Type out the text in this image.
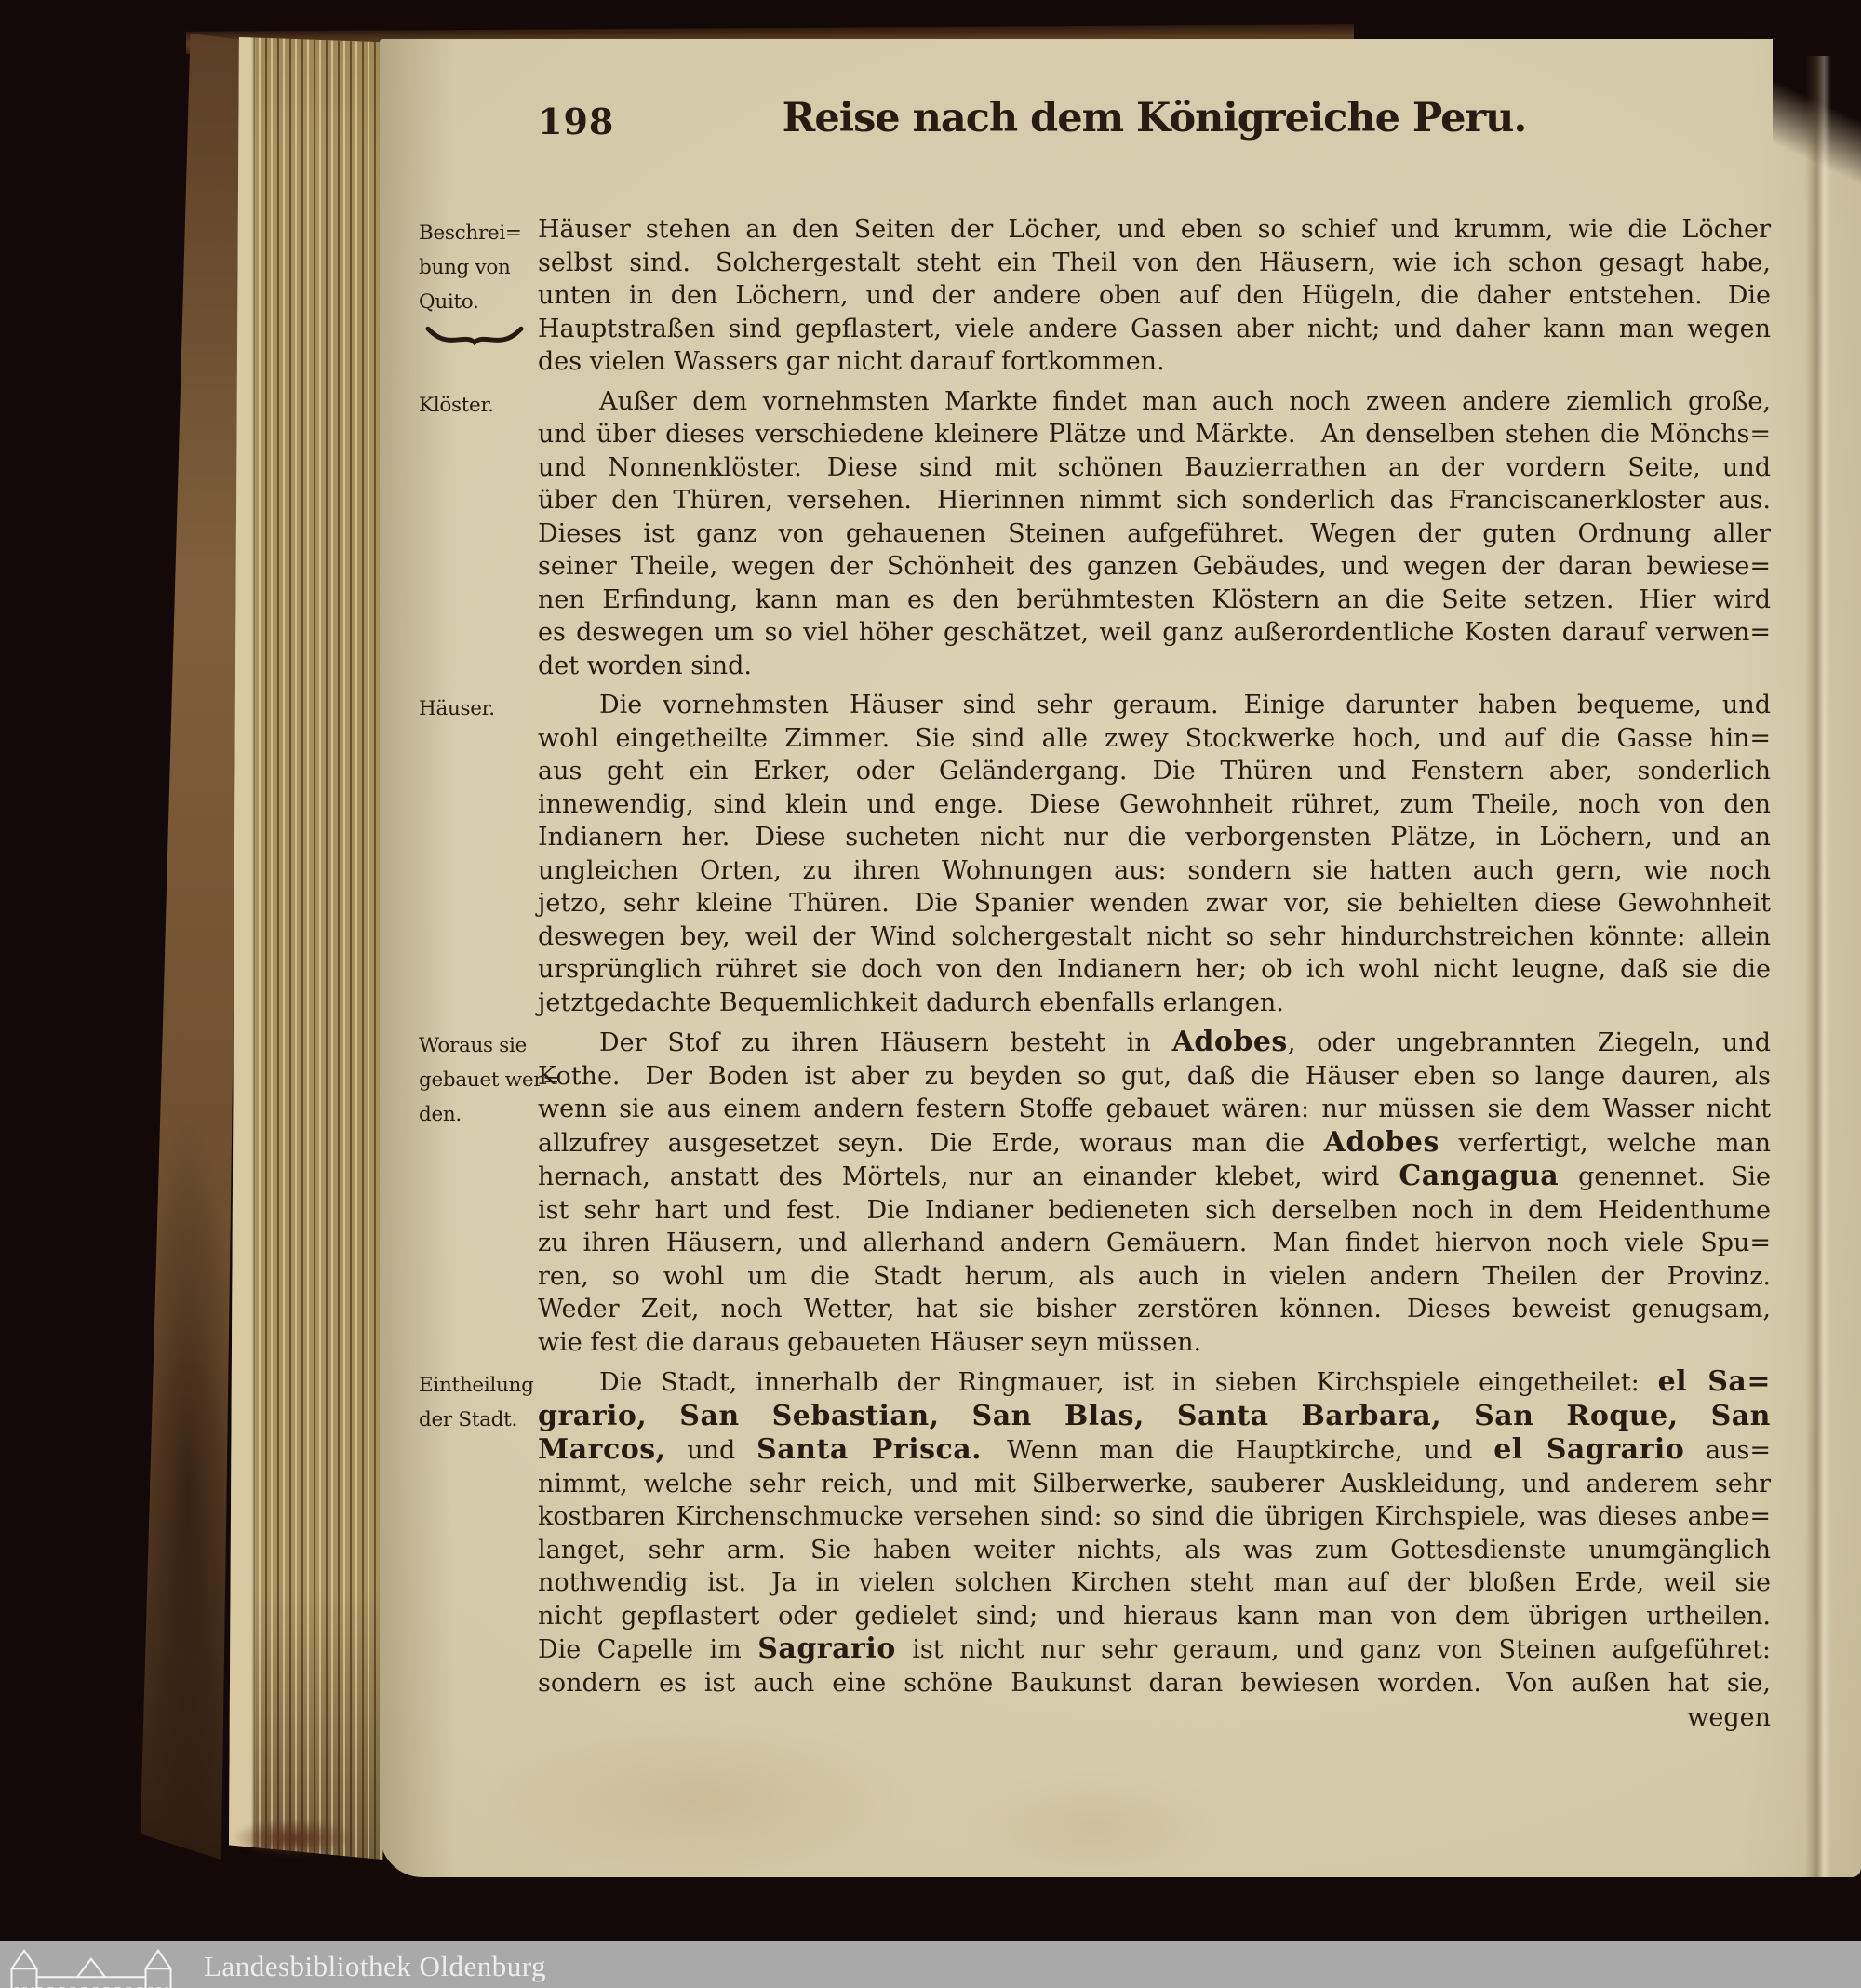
198	Reise nach dem Königreiche Peru.
Beschrei=
bung von
Quito.
Häuser stehen an den Seiten der Löcher, und eben so schief und krumm, wie die Löcher
selbst sind. Solchergestalt steht ein Theil von den Häusern, wie ich schon gesagt habe,
unten in den Löchern, und der andere oben auf den Hügeln, die daher entstehen. Die
Hauptstraßen sind gepflastert, viele andere Gassen aber nicht; und daher kann man wegen
des vielen Wassers gar nicht darauf fortkommen.
Klöster.	Außer dem vornehmsten Markte findet man auch noch zween andere ziemlich große,
und über dieses verschiedene kleinere Plätze und Märkte. An denselben stehen die Mönchs=
und Nonnenklöster. Diese sind mit schönen Bauzierrathen an der vordern Seite, und
über den Thüren, versehen. Hierinnen nimmt sich sonderlich das Franciscanerkloster aus.
Dieses ist ganz von gehauenen Steinen aufgeführet. Wegen der guten Ordnung aller
seiner Theile, wegen der Schönheit des ganzen Gebäudes, und wegen der daran bewiese=
nen Erfindung, kann man es den berühmtesten Klöstern an die Seite setzen. Hier wird
es deswegen um so viel höher geschätzet, weil ganz außerordentliche Kosten darauf verwen=
det worden sind.
Häuser.	Die vornehmsten Häuser sind sehr geraum. Einige darunter haben bequeme, und
wohl eingetheilte Zimmer. Sie sind alle zwey Stockwerke hoch, und auf die Gasse hin=
aus geht ein Erker, oder Geländergang. Die Thüren und Fenstern aber, sonderlich
innewendig, sind klein und enge. Diese Gewohnheit rühret, zum Theile, noch von den
Indianern her. Diese sucheten nicht nur die verborgensten Plätze, in Löchern, und an
ungleichen Orten, zu ihren Wohnungen aus: sondern sie hatten auch gern, wie noch
jetzo, sehr kleine Thüren. Die Spanier wenden zwar vor, sie behielten diese Gewohnheit
deswegen bey, weil der Wind solchergestalt nicht so sehr hindurchstreichen könnte: allein
ursprünglich rühret sie doch von den Indianern her; ob ich wohl nicht leugne, daß sie die
jetztgedachte Bequemlichkeit dadurch ebenfalls erlangen.
Woraus sie
gebauet wer=
den.
Der Stof zu ihren Häusern besteht in Adobes, oder ungebrannten Ziegeln, und
Kothe. Der Boden ist aber zu beyden so gut, daß die Häuser eben so lange dauren, als
wenn sie aus einem andern festern Stoffe gebauet wären: nur müssen sie dem Wasser nicht
allzufrey ausgesetzet seyn. Die Erde, woraus man die Adobes verfertigt, welche man
hernach, anstatt des Mörtels, nur an einander klebet, wird Cangagua genennet. Sie
ist sehr hart und fest. Die Indianer bedieneten sich derselben noch in dem Heidenthume
zu ihren Häusern, und allerhand andern Gemäuern. Man findet hiervon noch viele Spu=
ren, so wohl um die Stadt herum, als auch in vielen andern Theilen der Provinz.
Weder Zeit, noch Wetter, hat sie bisher zerstören können. Dieses beweist genugsam,
wie fest die daraus gebaueten Häuser seyn müssen.
Eintheilung
der Stadt.
Die Stadt, innerhalb der Ringmauer, ist in sieben Kirchspiele eingetheilet: el Sa=
grario, San Sebastian, San Blas, Santa Barbara, San Roque, San
Marcos, und Santa Prisca. Wenn man die Hauptkirche, und el Sagrario aus=
nimmt, welche sehr reich, und mit Silberwerke, sauberer Auskleidung, und anderem sehr
kostbaren Kirchenschmucke versehen sind: so sind die übrigen Kirchspiele, was dieses anbe=
langet, sehr arm. Sie haben weiter nichts, als was zum Gottesdienste unumgänglich
nothwendig ist. Ja in vielen solchen Kirchen steht man auf der bloßen Erde, weil sie
nicht gepflastert oder gedielet sind; und hieraus kann man von dem übrigen urtheilen.
Die Capelle im Sagrario ist nicht nur sehr geraum, und ganz von Steinen aufgeführet:
sondern es ist auch eine schöne Baukunst daran bewiesen worden. Von außen hat sie,
wegen
Landesbibliothek Oldenburg
